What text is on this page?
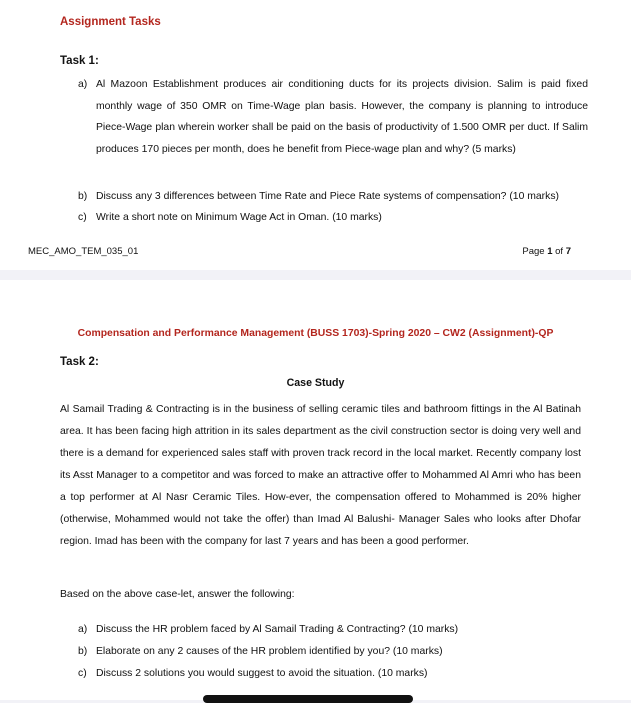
Assignment Tasks
Task 1:
a) Al Mazoon Establishment produces air conditioning ducts for its projects division. Salim is paid fixed monthly wage of 350 OMR on Time-Wage plan basis. However, the company is planning to introduce Piece-Wage plan wherein worker shall be paid on the basis of productivity of 1.500 OMR per duct. If Salim produces 170 pieces per month, does he benefit from Piece-wage plan and why? (5 marks)
b) Discuss any 3 differences between Time Rate and Piece Rate systems of compensation? (10 marks)
c) Write a short note on Minimum Wage Act in Oman. (10 marks)
MEC_AMO_TEM_035_01	Page 1 of 7
Compensation and Performance Management (BUSS 1703)-Spring 2020 – CW2 (Assignment)-QP
Task 2:
Case Study
Al Samail Trading & Contracting is in the business of selling ceramic tiles and bathroom fittings in the Al Batinah area. It has been facing high attrition in its sales department as the civil construction sector is doing very well and there is a demand for experienced sales staff with proven track record in the local market. Recently company lost its Asst Manager to a competitor and was forced to make an attractive offer to Mohammed Al Amri who has been a top performer at Al Nasr Ceramic Tiles. How-ever, the compensation offered to Mohammed is 20% higher (otherwise, Mohammed would not take the offer) than Imad Al Balushi- Manager Sales who looks after Dhofar region. Imad has been with the company for last 7 years and has been a good performer.
Based on the above case-let, answer the following:
a) Discuss the HR problem faced by Al Samail Trading & Contracting? (10 marks)
b) Elaborate on any 2 causes of the HR problem identified by you? (10 marks)
c) Discuss 2 solutions you would suggest to avoid the situation. (10 marks)
